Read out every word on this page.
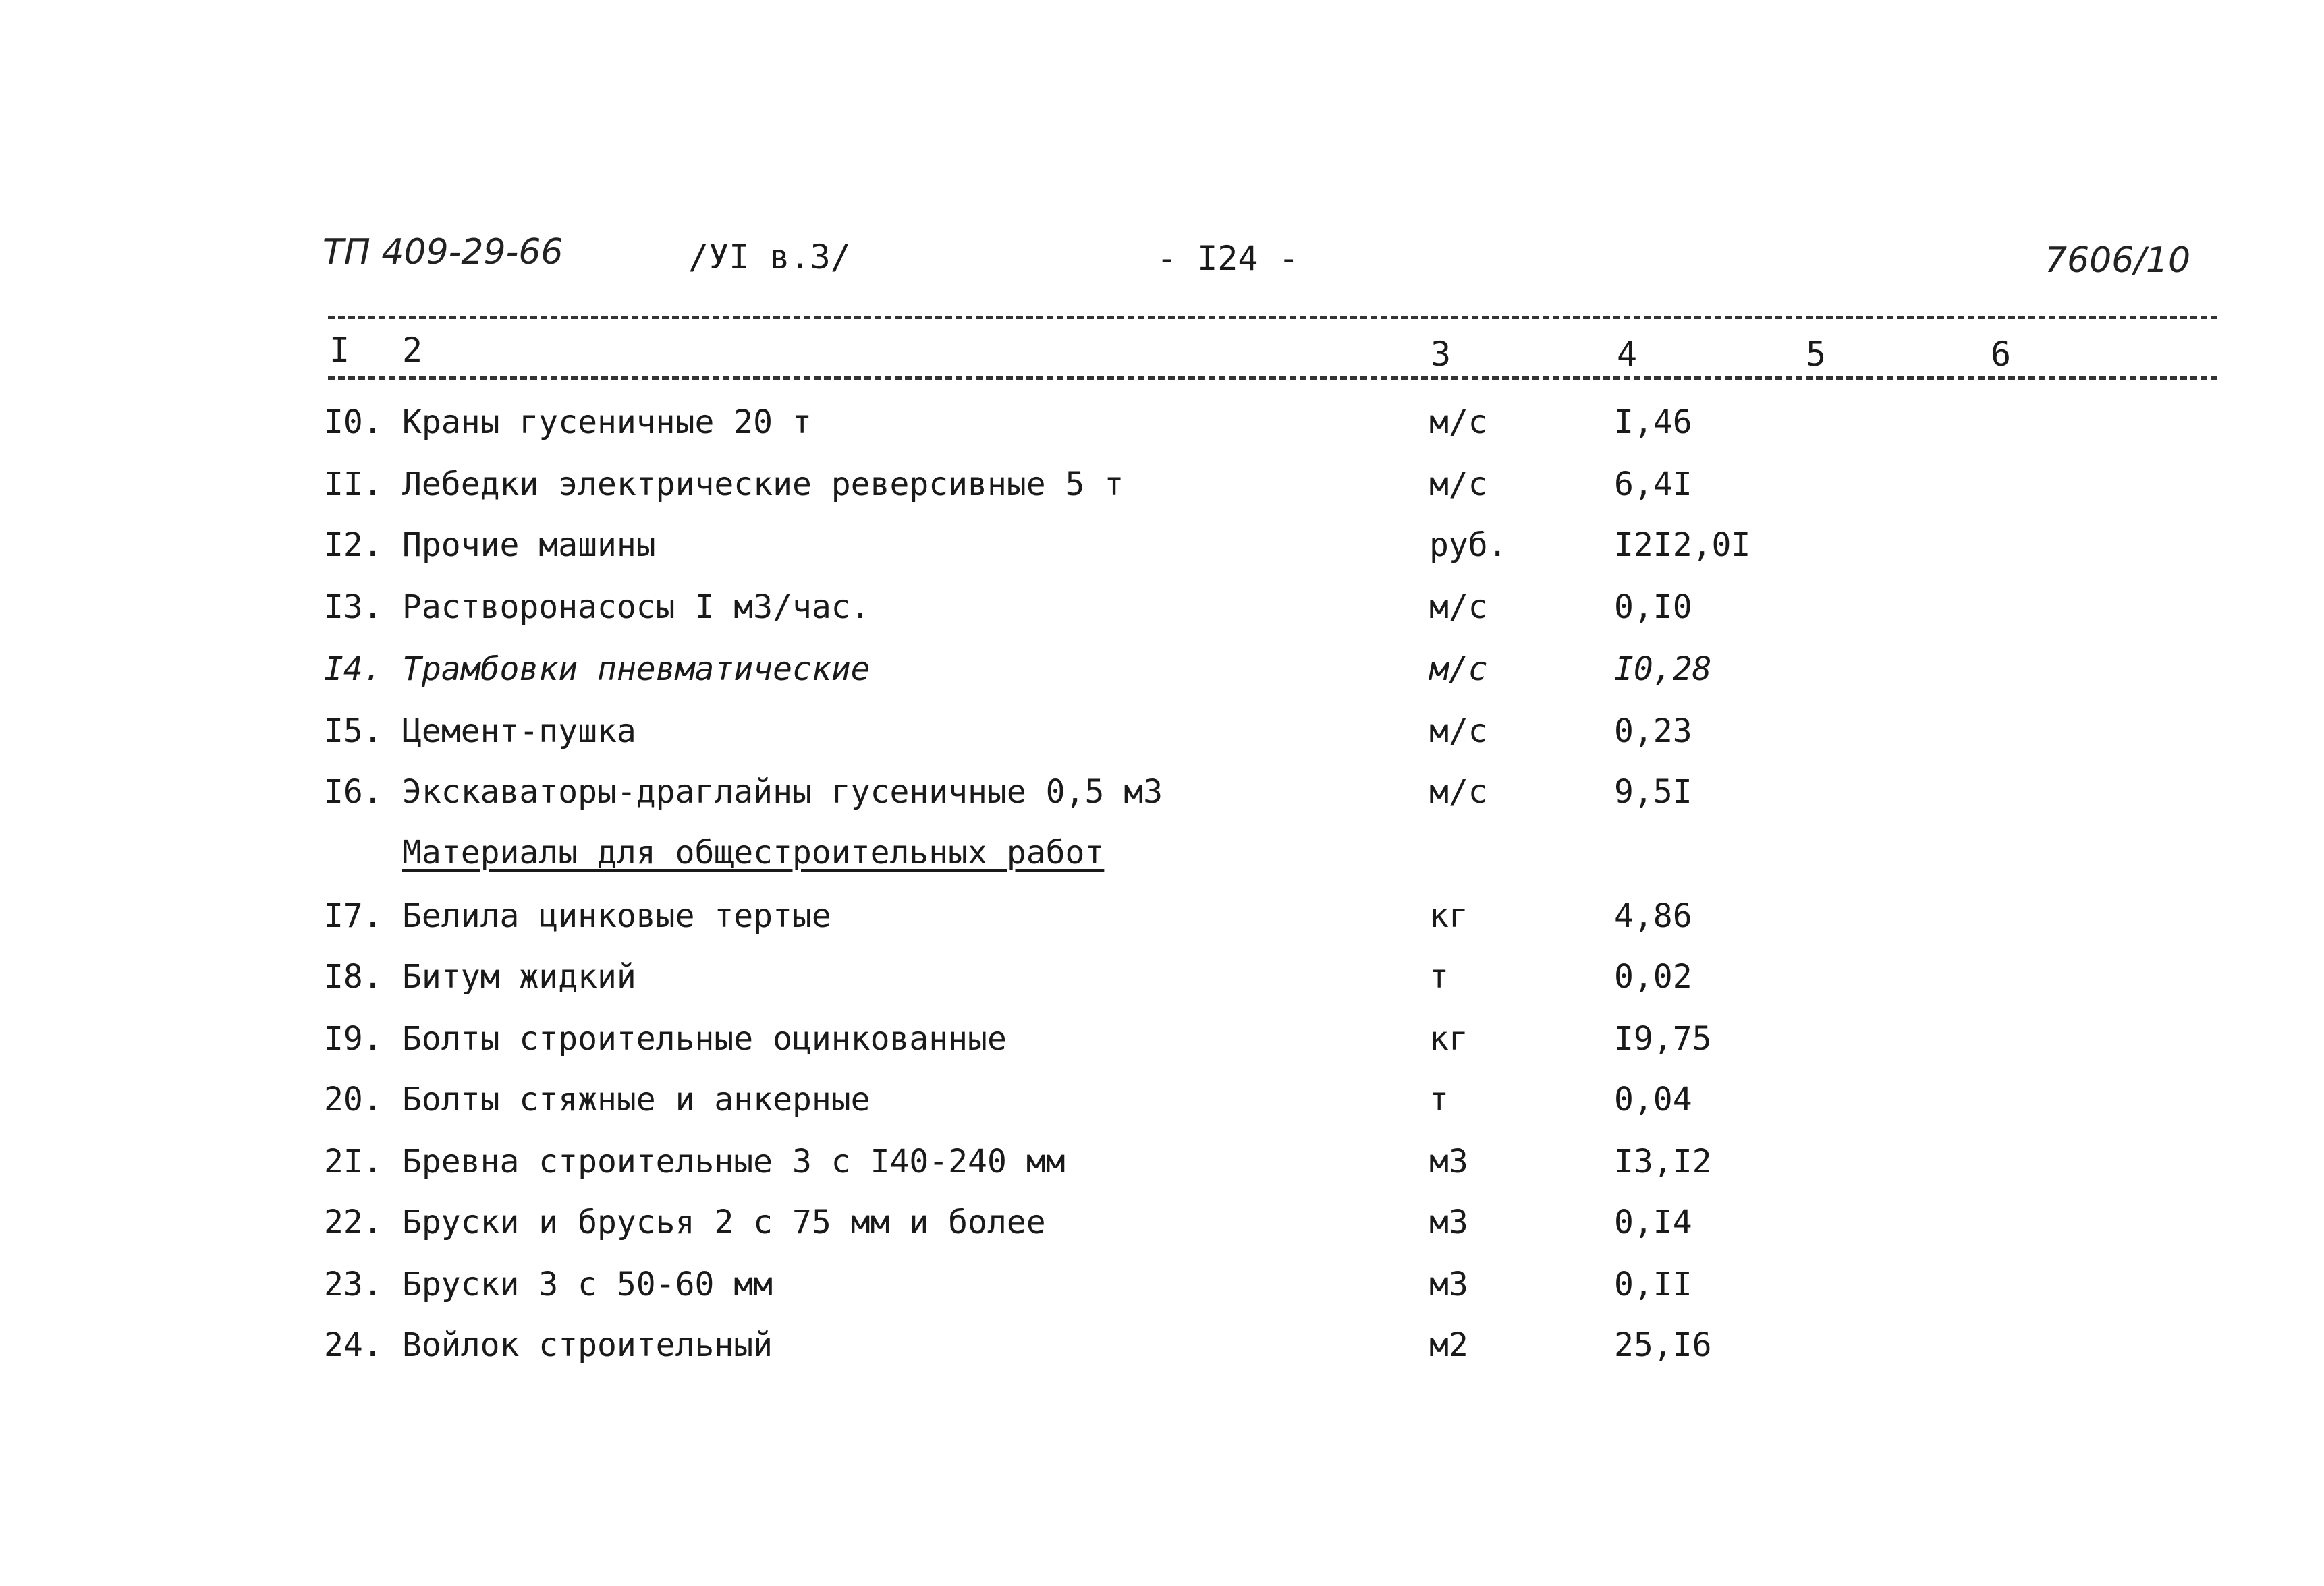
ТП 409-29-66	/УI в.3/	- I24 -	7606/10
I 2	3	4	5	6
I0. Краны гусеничные 20 т	м/с	I,46
II. Лебедки электрические реверсивные 5 т	м/с	6,4I
I2. Прочие машины	руб.	I2I2,0I
I3. Растворонасосы I м3/час.	м/с	0,I0
I4. Трамбовки пневматические	м/с	I0,28
I5. Цемент-пушка	м/с	0,23
I6. Экскаваторы-драглайны гусеничные 0,5 м3	м/с	9,5I
Материалы для общестроительных работ
I7. Белила цинковые тертые	кг	4,86
I8. Битум жидкий	т	0,02
I9. Болты строительные оцинкованные	кг	I9,75
20. Болты стяжные и анкерные	т	0,04
2I. Бревна строительные 3 с I40-240 мм	м3	I3,I2
22. Бруски и брусья 2 с 75 мм и более	м3	0,I4
23. Бруски 3 с 50-60 мм	м3	0,II
24. Войлок строительный	м2	25,I6
